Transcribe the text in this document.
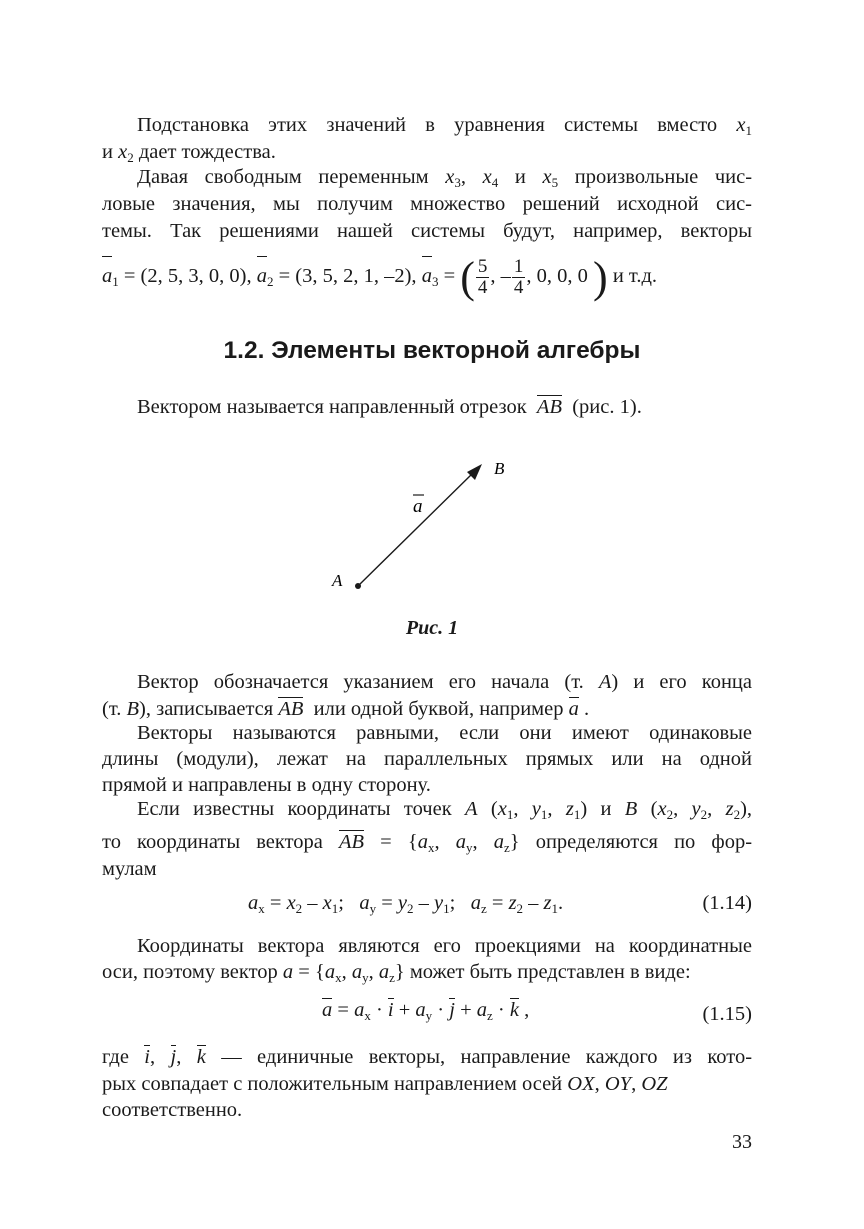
Подстановка этих значений в уравнения системы вместо $x_1$
и $x_2$ дает тождества.
Давая свободным переменным $x_3$, $x_4$ и $x_5$ произвольные чис-
ловые значения, мы получим множество решений исходной сис-
темы. Так решениями нашей системы будут, например, векторы
$a_1 = (2$, 5, 3, 0, 0), $a_2 = (3$, 5, 2, 1, –2), $a_3$ = ( $\frac{5}{4}$ , – $\frac{1}{4}$ , 0, 0, 0 ) и т.д.
1.2. Элементы векторной алгебры
Вектором называется направленный отрезок AB (рис. 1).
A
B
a
Рис. 1
Вектор обозначается указанием его начала (т. A) и его конца
(т. B), записывается AB или одной буквой, например a .
Векторы называются равными, если они имеют одинаковые
длины (модули), лежат на параллельных прямых или на одной
прямой и направлены в одну сторону.
Если известны координаты точек A ($x_1$, $y_1$, $z_1$) и B ($x_2$, $y_2$, $z_2$),
то координаты вектора AB = {$a_x$, $a_y$, $a_z$} определяются по фор-
мулам
$a_x = x_2 - x_1$;   $a_y = y_2 - y_1$;   $a_z = z_2 - z_1$.	(1.14)
Координаты вектора являются его проекциями на координатные
оси, поэтому вектор $a = \{a_x$, $a_y$, $a_z$} может быть представлен в виде:
$a = a_x \cdot i + a_y \cdot j + a_z \cdot k$ ,	(1.15)
где i, j, k — единичные векторы, направление каждого из кото-
рых совпадает с положительным направлением осей OX, OY, OZ
соответственно.
33
